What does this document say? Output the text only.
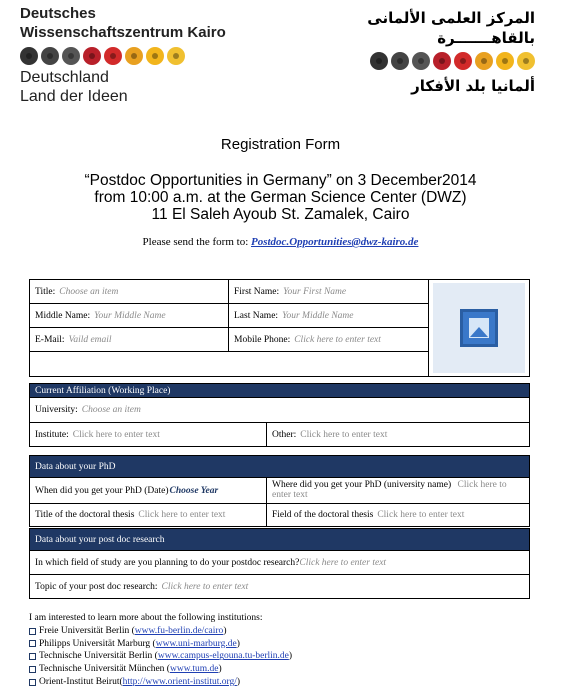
Deutsches
Wissenschaftszentrum Kairo
Deutschland
Land der Ideen
المركز العلمى الألمانى
بالقاهـــــــرة
ألمانيا بلد الأفكار
Registration Form
“Postdoc Opportunities in Germany” on 3 December2014
from 10:00 a.m. at the German Science Center (DWZ)
11 El Saleh Ayoub St. Zamalek, Cairo
Please send the form to: Postdoc.Opportunities@dwz-kairo.de
Title: Choose an item	First Name: Your First Name
Middle Name: Your Middle Name	Last Name: Your Middle Name
E-Mail: Vaild email	Mobile Phone: Click here to enter text
Current Affiliation (Working Place)
University: Choose an item
Institute: Click here to enter text	Other: Click here to enter text
Data about your PhD
When did you get your PhD (Date) Choose Year
Where did you get your PhD (university name) Click here to enter text
Title of the doctoral thesis Click here to enter text	Field of the doctoral thesis Click here to enter text
Data about your post doc research
In which field of study are you planning to do your postdoc research? Click here to enter text
Topic of your post doc research: Click here to enter text
I am interested to learn more about the following institutions:
Freie Universität Berlin ( www.fu-berlin.de/cairo )
Philipps Universität Marburg ( www.uni-marburg.de )
Technische Universität Berlin ( www.campus-elgouna.tu-berlin.de )
Technische Universität München ( www.tum.de )
Orient-Institut Beirut( http://www.orient-institut.org/ )
